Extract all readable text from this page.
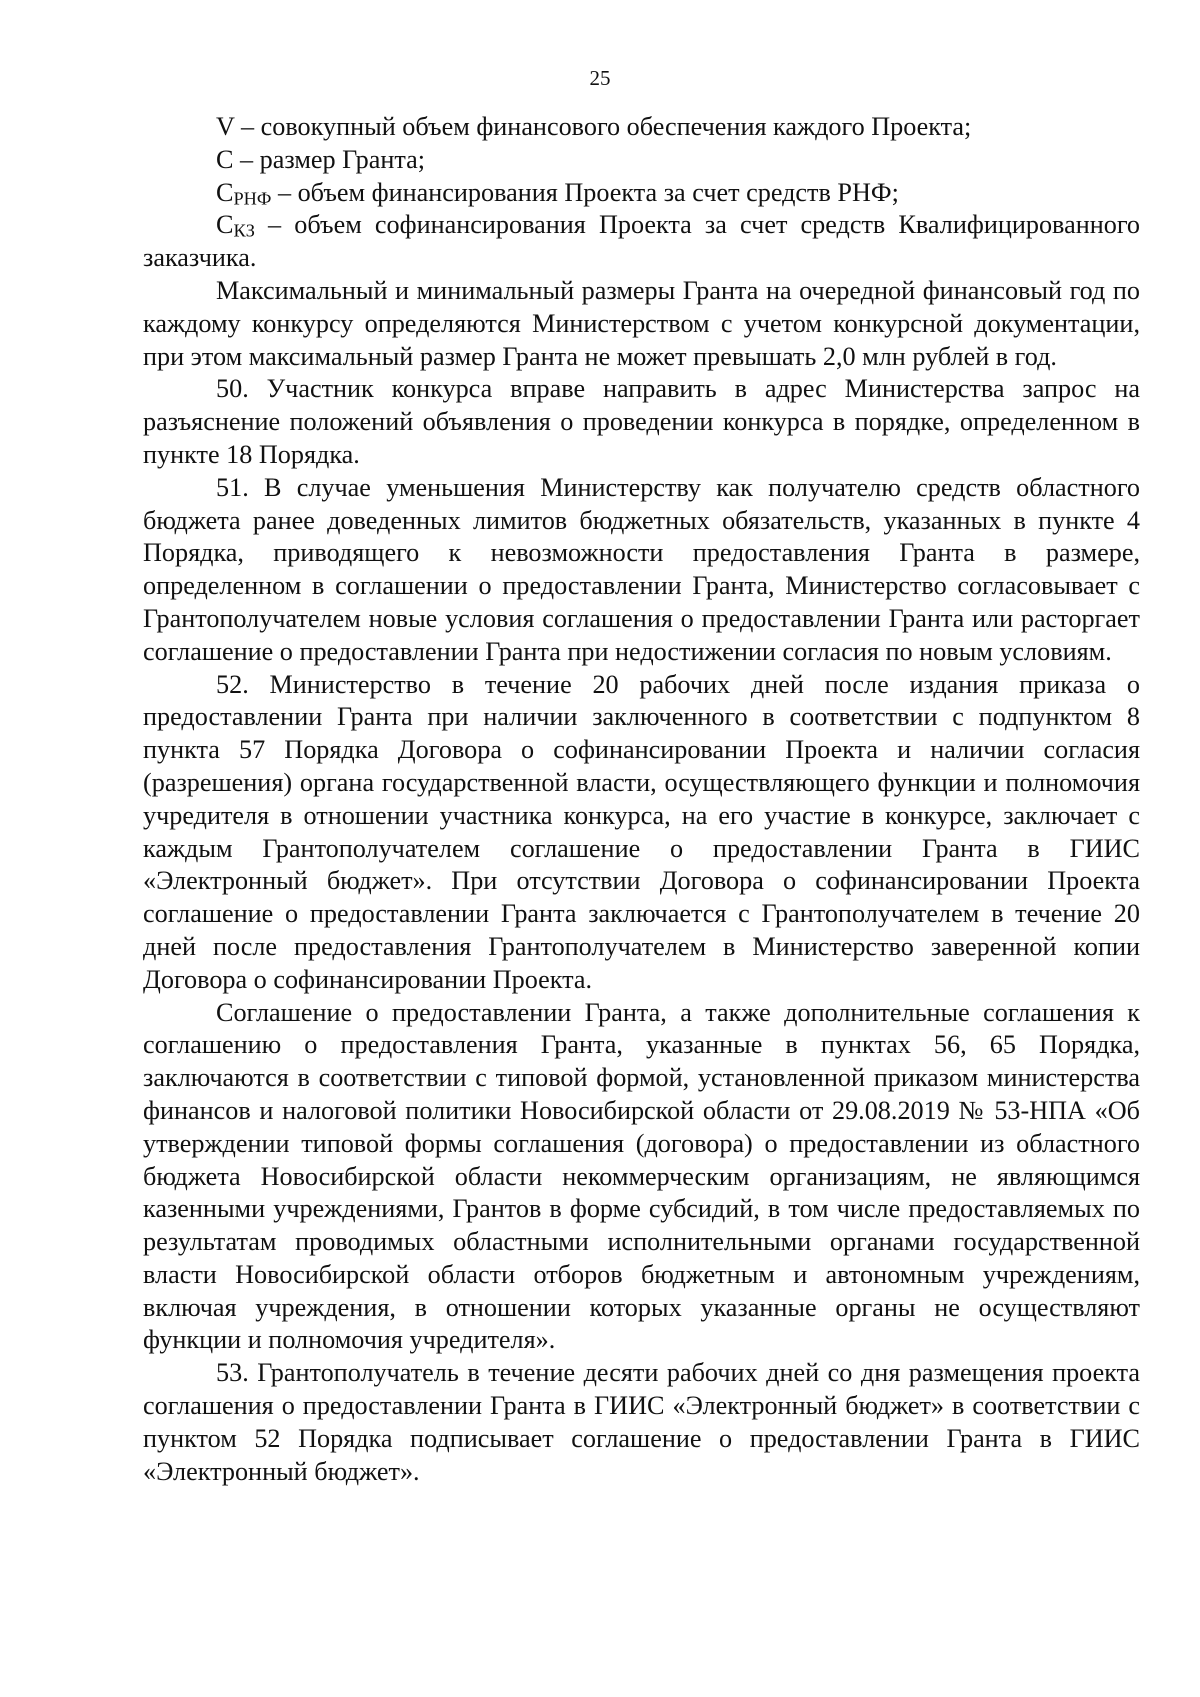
25

V – совокупный объем финансового обеспечения каждого Проекта;

С – размер Гранта;

$С_{РНФ}$ – объем финансирования Проекта за счет средств РНФ;

$С_{КЗ}$ – объем софинансирования Проекта за счет средств Квалифицированного заказчика.

Максимальный и минимальный размеры Гранта на очередной финансовый год по каждому конкурсу определяются Министерством с учетом конкурсной документации, при этом максимальный размер Гранта не может превышать 2,0 млн рублей в год.

50. Участник конкурса вправе направить в адрес Министерства запрос на разъяснение положений объявления о проведении конкурса в порядке, определенном в пункте 18 Порядка.

51. В случае уменьшения Министерству как получателю средств областного бюджета ранее доведенных лимитов бюджетных обязательств, указанных в пункте 4 Порядка, приводящего к невозможности предоставления Гранта в размере, определенном в соглашении о предоставлении Гранта, Министерство согласовывает с Грантополучателем новые условия соглашения о предоставлении Гранта или расторгает соглашение о предоставлении Гранта при недостижении согласия по новым условиям.

52. Министерство в течение 20 рабочих дней после издания приказа о предоставлении Гранта при наличии заключенного в соответствии с подпунктом 8 пункта 57 Порядка Договора о софинансировании Проекта и наличии согласия (разрешения) органа государственной власти, осуществляющего функции и полномочия учредителя в отношении участника конкурса, на его участие в конкурсе, заключает с каждым Грантополучателем соглашение о предоставлении Гранта в ГИИС «Электронный бюджет». При отсутствии Договора о софинансировании Проекта соглашение о предоставлении Гранта заключается с Грантополучателем в течение 20 дней после предоставления Грантополучателем в Министерство заверенной копии Договора о софинансировании Проекта.

Соглашение о предоставлении Гранта, а также дополнительные соглашения к соглашению о предоставления Гранта, указанные в пунктах 56, 65 Порядка, заключаются в соответствии с типовой формой, установленной приказом министерства финансов и налоговой политики Новосибирской области от 29.08.2019 № 53-НПА «Об утверждении типовой формы соглашения (договора) о предоставлении из областного бюджета Новосибирской области некоммерческим организациям, не являющимся казенными учреждениями, Грантов в форме субсидий, в том числе предоставляемых по результатам проводимых областными исполнительными органами государственной власти Новосибирской области отборов бюджетным и автономным учреждениям, включая учреждения, в отношении которых указанные органы не осуществляют функции и полномочия учредителя».

53. Грантополучатель в течение десяти рабочих дней со дня размещения проекта соглашения о предоставлении Гранта в ГИИС «Электронный бюджет» в соответствии с пунктом 52 Порядка подписывает соглашение о предоставлении Гранта в ГИИС «Электронный бюджет».
